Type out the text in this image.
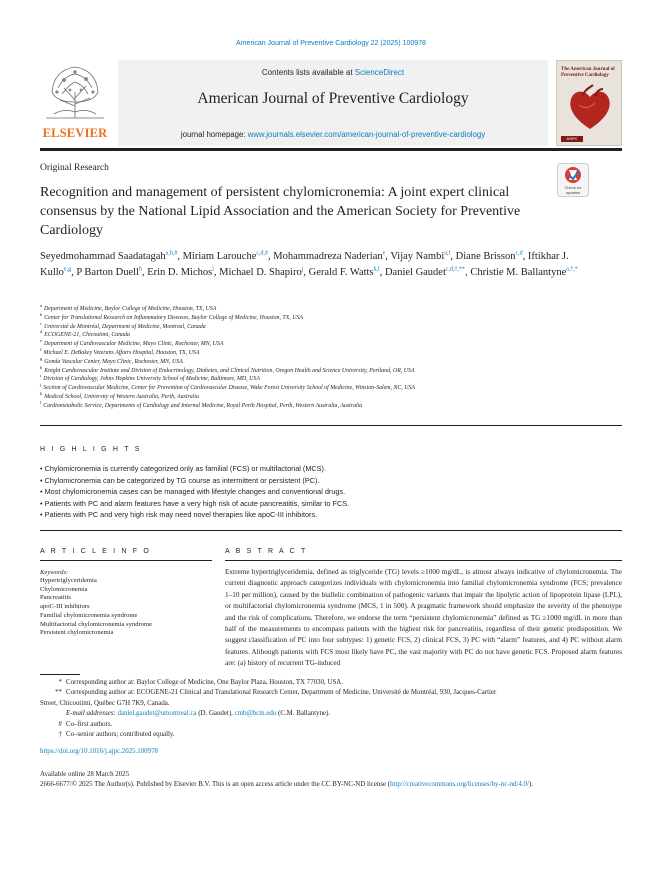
American Journal of Preventive Cardiology 22 (2025) 100978
ELSEVIER
Contents lists available at ScienceDirect
American Journal of Preventive Cardiology
journal homepage: www.journals.elsevier.com/american-journal-of-preventive-cardiology
The American Journal of Preventive Cardiology
ASPC
Original Research
Check for
updates
Recognition and management of persistent chylomicronemia: A joint expert clinical consensus by the National Lipid Association and the American Society for Preventive Cardiology
Seyedmohammad Saadatagah$^{a,b,\#}$, Miriam Larouche$^{c,d,\#}$, Mohammadreza Naderian$^e$, Vijay Nambi$^{a,f}$, Diane Brisson$^{c,d}$, Iftikhar J. Kullo$^{e,g}$, P Barton Duell$^h$, Erin D. Michos$^i$, Michael D. Shapiro$^j$, Gerald F. Watts$^{k,l}$, Daniel Gaudet$^{c,d,\dagger,**}$, Christie M. Ballantyne$^{a,\dagger,*}$
$^a$Department of Medicine, Baylor College of Medicine, Houston, TX, USA
$^b$Center for Translational Research on Inflammatory Diseases, Baylor College of Medicine, Houston, TX, USA
$^c$Université de Montréal, Department of Medicine, Montreal, Canada
$^d$ECOGENE-21, Chicoutimi, Canada
$^e$Department of Cardiovascular Medicine, Mayo Clinic, Rochester, MN, USA
$^f$Michael E. DeBakey Veterans Affairs Hospital, Houston, TX, USA
$^g$Gonda Vascular Center, Mayo Clinic, Rochester, MN, USA
$^h$Knight Cardiovascular Institute and Division of Endocrinology, Diabetes, and Clinical Nutrition, Oregon Health and Science University, Portland, OR, USA
$^i$Division of Cardiology, Johns Hopkins University School of Medicine, Baltimore, MD, USA
$^j$Section of Cardiovascular Medicine, Center for Prevention of Cardiovascular Disease, Wake Forest University School of Medicine, Winston-Salem, NC, USA
$^k$Medical School, University of Western Australia, Perth, Australia
$^l$Cardiometabolic Service, Departments of Cardiology and Internal Medicine, Royal Perth Hospital, Perth, Western Australia, Australia
H I G H L I G H T S
• Chylomicronemia is currently categorized only as familial (FCS) or multifactorial (MCS).
• Chylomicronemia can be categorized by TG course as intermittent or persistent (PC).
• Most chylomicronemia cases can be managed with lifestyle changes and conventional drugs.
• Patients with PC and alarm features have a very high risk of acute pancreatitis, similar to FCS.
• Patients with PC and very high risk may need novel therapies like apoC-III inhibitors.
A R T I C L E I N F O	A B S T R A C T
Keywords:
Hypertriglyceridemia
Chylomicronemia
Pancreatitis
apoC-III inhibitors
Familial chylomicronemia syndrome
Multifactorial chylomicronemia syndrome
Persistent chylomicronemia
Extreme hypertriglyceridemia, defined as triglyceride (TG) levels ≥1000 mg/dL, is almost always indicative of chylomicronemia. The current diagnostic approach categorizes individuals with chylomicronemia into familial chylomicronemia syndrome (FCS; prevalence 1–10 per million), caused by the biallelic combination of pathogenic variants that impair the lipolytic action of lipoprotein lipase (LPL), or multifactorial chylomicronemia syndrome (MCS, 1 in 500). A pragmatic framework should emphasize the severity of the phenotype and the risk of complications. Therefore, we endorse the term “persistent chylomicronemia” defined as TG ≥1000 mg/dL in more than half of the measurements to encompass patients with the highest risk for pancreatitis, regardless of their genetic predisposition. We suggest classification of PC into four subtypes: 1) genetic FCS, 2) clinical FCS, 3) PC with “alarm” features, and 4) PC without alarm features. Although patients with FCS most likely have PC, the vast majority with PC do not have genetic FCS. Proposed alarm features are: (a) history of recurrent TG-induced
* Corresponding author at: Baylor College of Medicine, One Baylor Plaza, Houston, TX 77030, USA.
** Corresponding author at: ECOGENE-21 Clinical and Translational Research Center, Department of Medicine, Université de Montréal, 930, Jacques-Cartier
Street, Chicoutimi, Québec G7H 7K9, Canada.
E-mail addresses: daniel.gaudet@umontreal.ca (D. Gaudet), cmb@bcm.edu (C.M. Ballantyne).
# Co–first authors.
† Co–senior authors; contributed equally.
https://doi.org/10.1016/j.ajpc.2025.100978
Available online 28 March 2025
2666-6677/© 2025 The Author(s). Published by Elsevier B.V. This is an open access article under the CC BY-NC-ND license (http://creativecommons.org/licenses/by-nc-nd/4.0/).
